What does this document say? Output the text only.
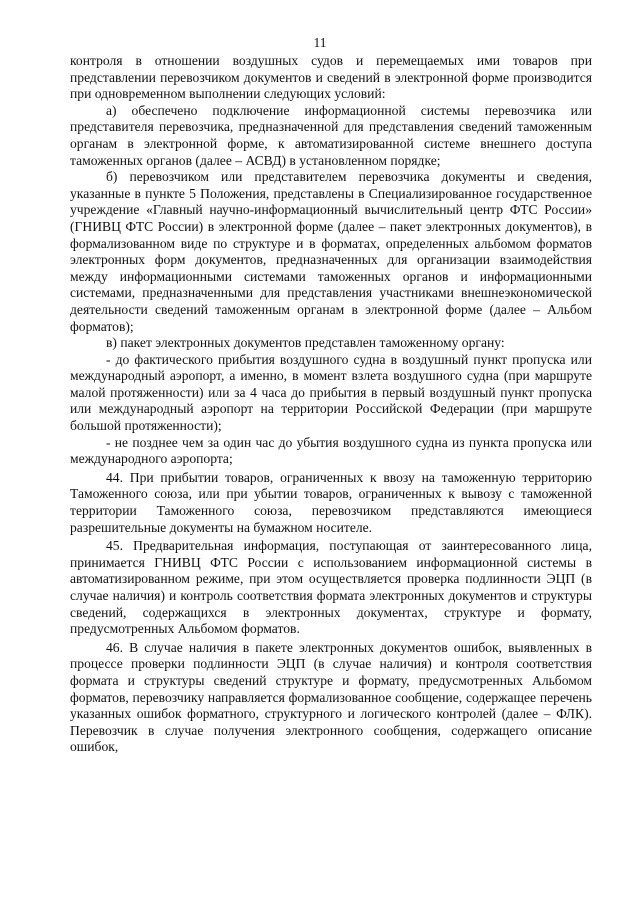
11

контроля в отношении воздушных судов и перемещаемых ими товаров при представлении перевозчиком документов и сведений в электронной форме производится при одновременном выполнении следующих условий:

а) обеспечено подключение информационной системы перевозчика или представителя перевозчика, предназначенной для представления сведений таможенным органам в электронной форме, к автоматизированной системе внешнего доступа таможенных органов (далее – АСВД) в установленном порядке;

б) перевозчиком или представителем перевозчика документы и сведения, указанные в пункте 5 Положения, представлены в Специализированное государственное учреждение «Главный научно-информационный вычислительный центр ФТС России» (ГНИВЦ ФТС России) в электронной форме (далее – пакет электронных документов), в формализованном виде по структуре и в форматах, определенных альбомом форматов электронных форм документов, предназначенных для организации взаимодействия между информационными системами таможенных органов и информационными системами, предназначенными для представления участниками внешнеэкономической деятельности сведений таможенным органам в электронной форме (далее – Альбом форматов);

в) пакет электронных документов представлен таможенному органу:

- до фактического прибытия воздушного судна в воздушный пункт пропуска или международный аэропорт, а именно, в момент взлета воздушного судна (при маршруте малой протяженности) или за 4 часа до прибытия в первый воздушный пункт пропуска или международный аэропорт на территории Российской Федерации (при маршруте большой протяженности);

- не позднее чем за один час до убытия воздушного судна из пункта пропуска или международного аэропорта;

44. При прибытии товаров, ограниченных к ввозу на таможенную территорию Таможенного союза, или при убытии товаров, ограниченных к вывозу с таможенной территории Таможенного союза, перевозчиком представляются имеющиеся разрешительные документы на бумажном носителе.

45. Предварительная информация, поступающая от заинтересованного лица, принимается ГНИВЦ ФТС России с использованием информационной системы в автоматизированном режиме, при этом осуществляется проверка подлинности ЭЦП (в случае наличия) и контроль соответствия формата электронных документов и структуры сведений, содержащихся в электронных документах, структуре и формату, предусмотренных Альбомом форматов.

46. В случае наличия в пакете электронных документов ошибок, выявленных в процессе проверки подлинности ЭЦП (в случае наличия) и контроля соответствия формата и структуры сведений структуре и формату, предусмотренных Альбомом форматов, перевозчику направляется формализованное сообщение, содержащее перечень указанных ошибок форматного, структурного и логического контролей (далее – ФЛК). Перевозчик в случае получения электронного сообщения, содержащего описание ошибок,
